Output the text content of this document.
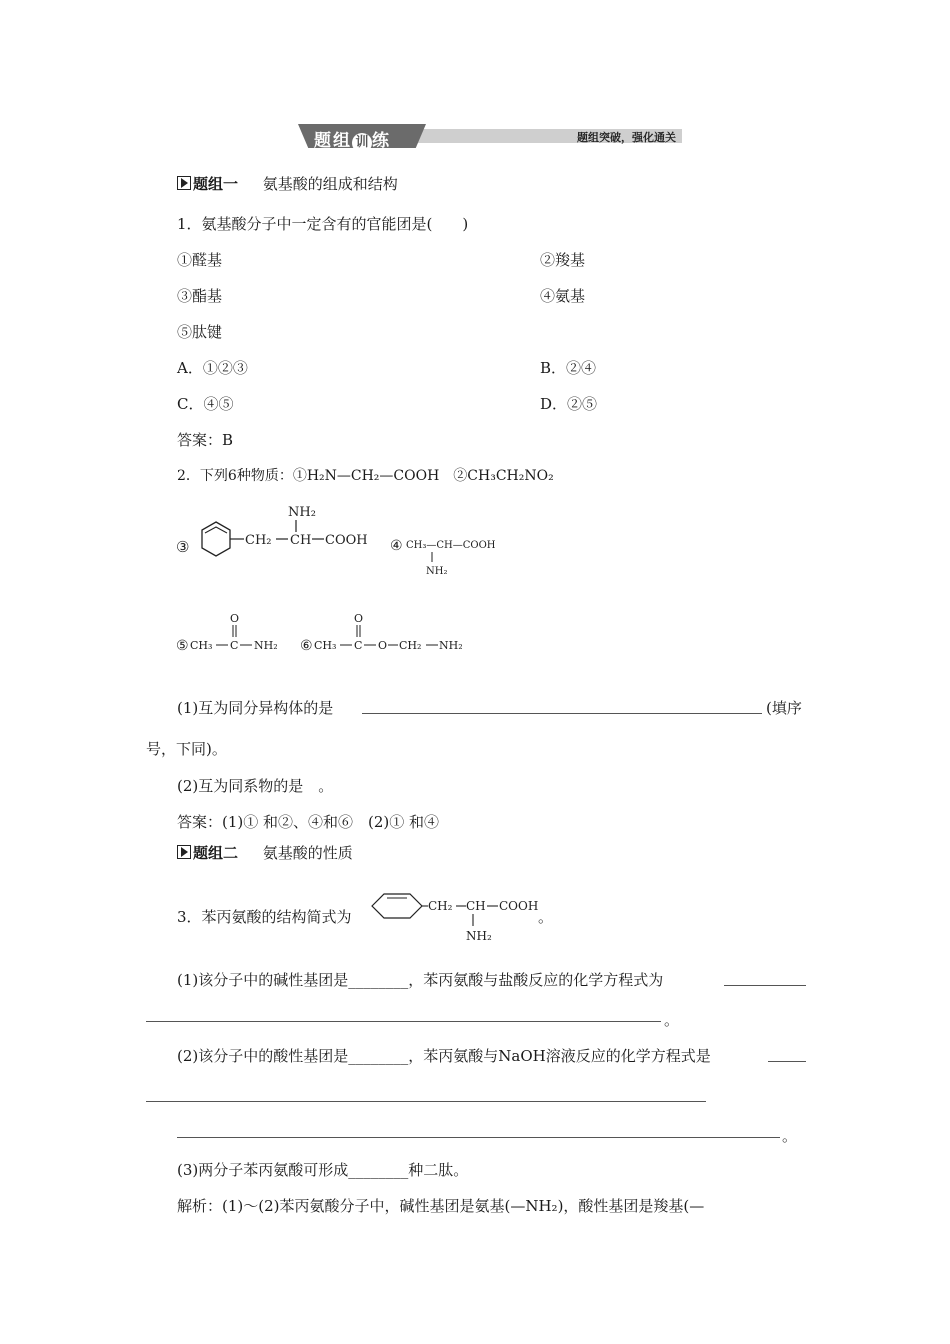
题组 训 练	题组突破，强化通关
题组一 氨基酸的组成和结构
1．氨基酸分子中一定含有的官能团是(　　)
①醛基	②羧基
③酯基	④氨基
⑤肽键
A．①②③	B．②④
C．④⑤	D．②⑤
答案：B
2．下列6种物质：①H₂N—CH₂—COOH　②CH₃CH₂NO₂
③	CH₂
NH₂
CH COOH ④ CH₃—CH—COOH
NH₂
⑤ CH₃
O
C NH₂ ⑥ CH₃
O
C O CH₂ NH₂
(1)互为同分异构体的是	(填序
号，下同)。
(2)互为同系物的是　。
答案：(1)① 和②、④和⑥　(2)① 和④
题组二 氨基酸的性质
3．苯丙氨酸的结构简式为
CH₂ CH COOH
NH₂
。
(1)该分子中的碱性基团是________，苯丙氨酸与盐酸反应的化学方程式为
。
(2)该分子中的酸性基团是________，苯丙氨酸与NaOH溶液反应的化学方程式是
。
(3)两分子苯丙氨酸可形成________种二肽。
解析：(1)～(2)苯丙氨酸分子中，碱性基团是氨基(—NH₂)，酸性基团是羧基(—
